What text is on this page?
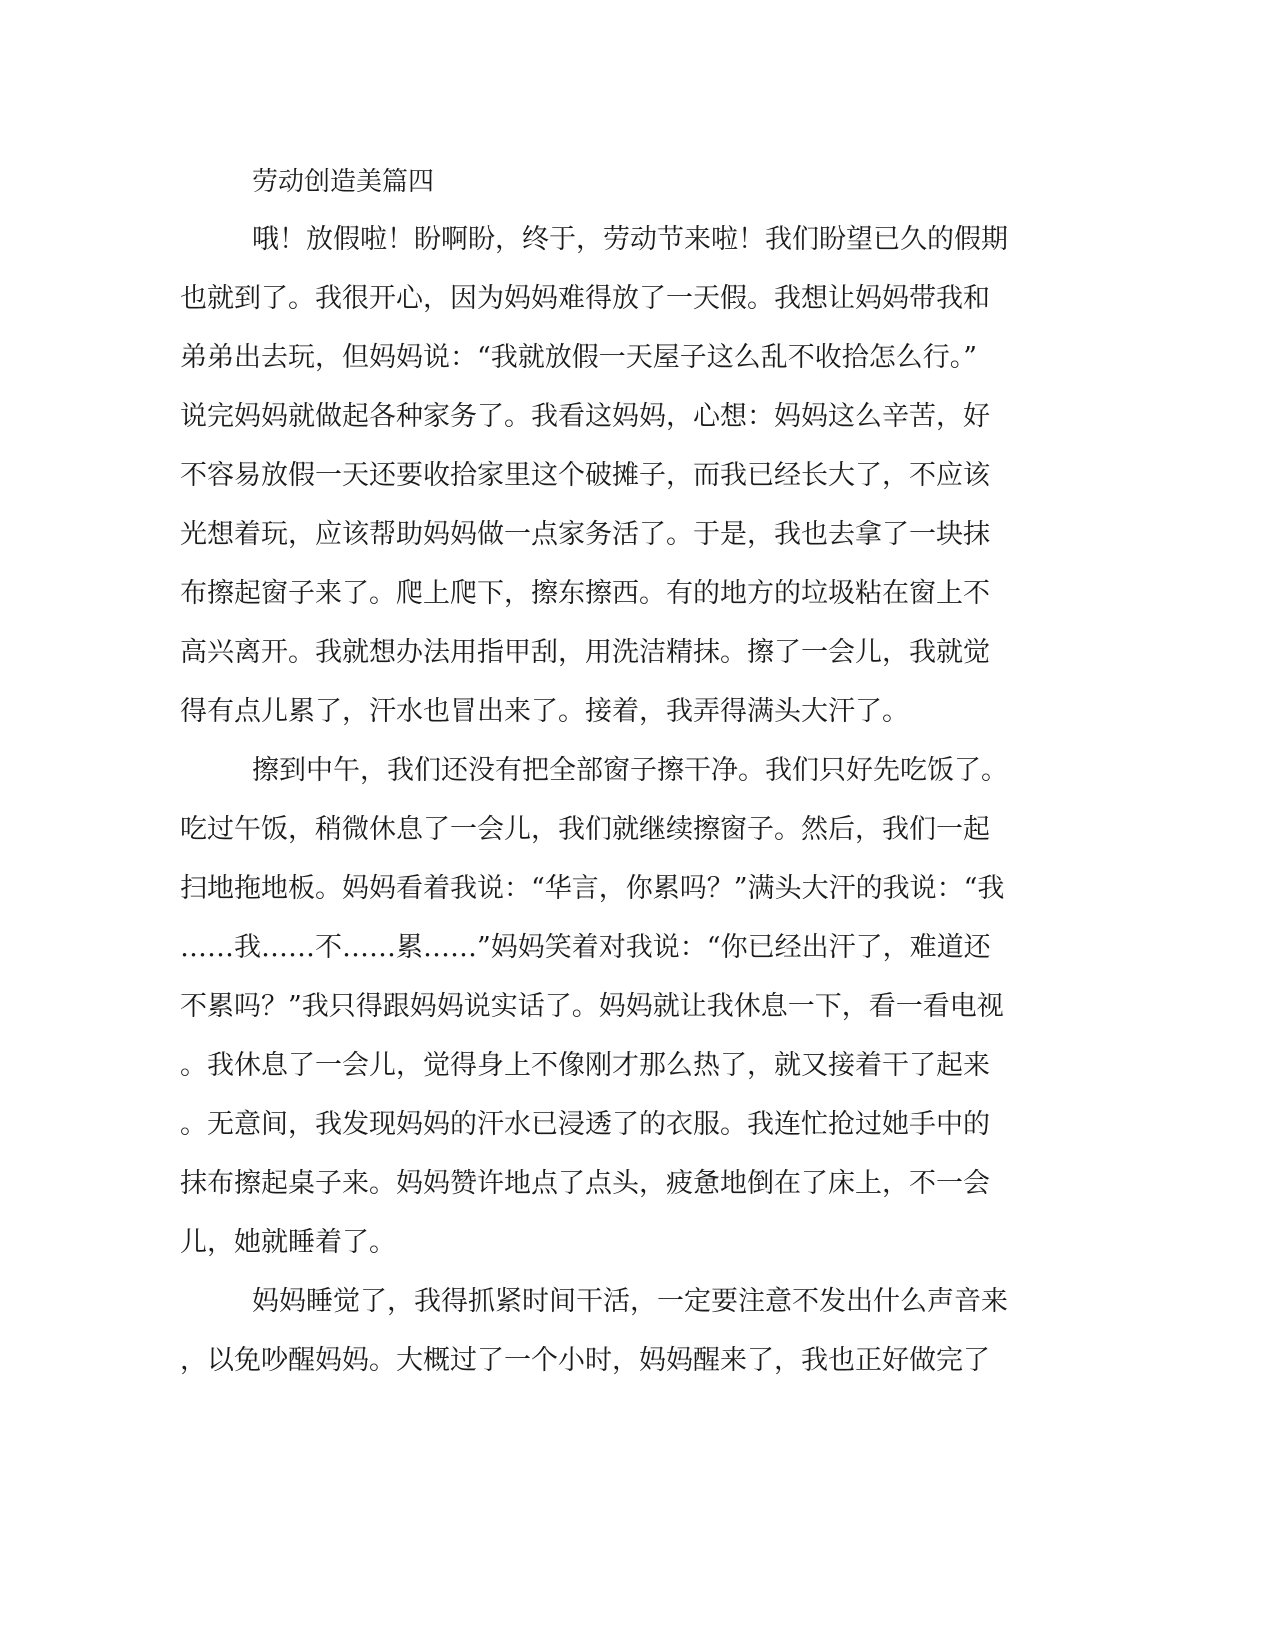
劳动创造美篇四
哦！放假啦！盼啊盼，终于，劳动节来啦！我们盼望已久的假期
也就到了。我很开心，因为妈妈难得放了一天假。我想让妈妈带我和
弟弟出去玩，但妈妈说：“我就放假一天屋子这么乱不收拾怎么行。”
说完妈妈就做起各种家务了。我看这妈妈，心想：妈妈这么辛苦，好
不容易放假一天还要收拾家里这个破摊子，而我已经长大了，不应该
光想着玩，应该帮助妈妈做一点家务活了。于是，我也去拿了一块抹
布擦起窗子来了。爬上爬下，擦东擦西。有的地方的垃圾粘在窗上不
高兴离开。我就想办法用指甲刮，用洗洁精抹。擦了一会儿，我就觉
得有点儿累了，汗水也冒出来了。接着，我弄得满头大汗了。
擦到中午，我们还没有把全部窗子擦干净。我们只好先吃饭了。
吃过午饭，稍微休息了一会儿，我们就继续擦窗子。然后，我们一起
扫地拖地板。妈妈看着我说：“华言，你累吗？”满头大汗的我说：“我
……我……不……累……”妈妈笑着对我说：“你已经出汗了，难道还
不累吗？”我只得跟妈妈说实话了。妈妈就让我休息一下，看一看电视
。我休息了一会儿，觉得身上不像刚才那么热了，就又接着干了起来
。无意间，我发现妈妈的汗水已浸透了的衣服。我连忙抢过她手中的
抹布擦起桌子来。妈妈赞许地点了点头，疲惫地倒在了床上，不一会
儿，她就睡着了。
妈妈睡觉了，我得抓紧时间干活，一定要注意不发出什么声音来
，以免吵醒妈妈。大概过了一个小时，妈妈醒来了，我也正好做完了
